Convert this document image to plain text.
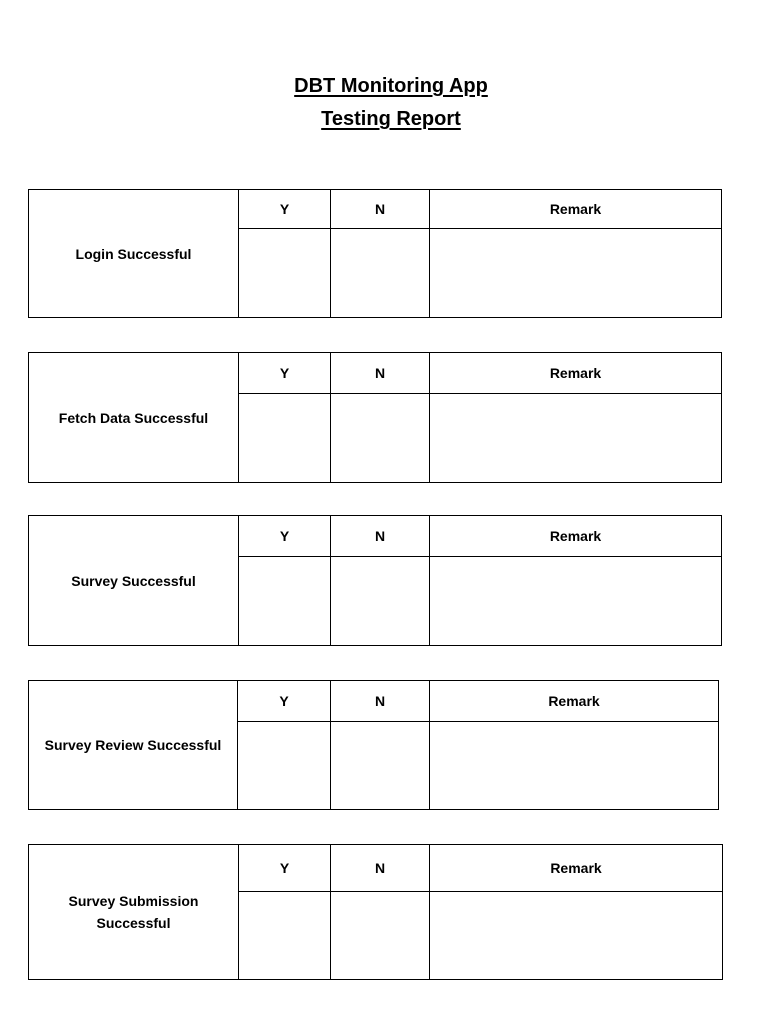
DBT Monitoring App

Testing Report

Login Successful	Y	N	Remark

Fetch Data Successful	Y	N	Remark

Survey Successful	Y	N	Remark

Survey Review Successful	Y	N	Remark

Survey Submission Successful	Y	N	Remark
